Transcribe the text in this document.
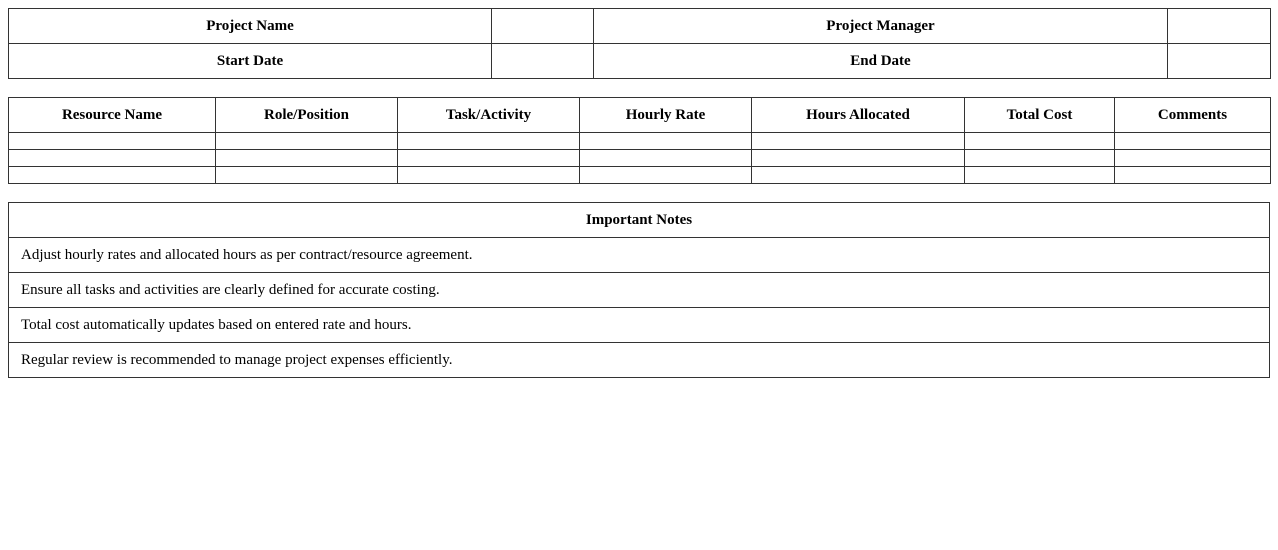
Project Name		Project Manager	
Start Date		End Date	
Resource Name	Role/Position	Task/Activity	Hourly Rate	Hours Allocated	Total Cost	Comments

Important Notes
Adjust hourly rates and allocated hours as per contract/resource agreement.
Ensure all tasks and activities are clearly defined for accurate costing.
Total cost automatically updates based on entered rate and hours.
Regular review is recommended to manage project expenses efficiently.
